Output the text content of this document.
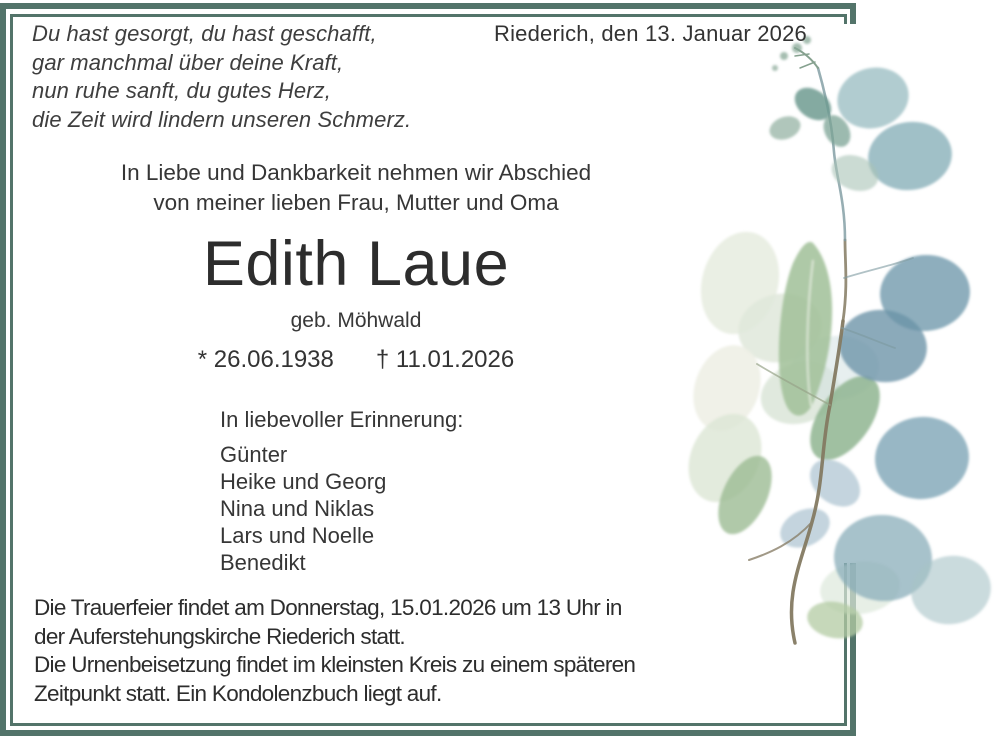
Du hast gesorgt, du hast geschafft,
gar manchmal über deine Kraft,
nun ruhe sanft, du gutes Herz,
die Zeit wird lindern unseren Schmerz.
Riederich, den 13. Januar 2026
In Liebe und Dankbarkeit nehmen wir Abschied
von meiner lieben Frau, Mutter und Oma
Edith Laue
geb. Möhwald
* 26.06.1938 † 11.01.2026
In liebevoller Erinnerung:
Günter
Heike und Georg
Nina und Niklas
Lars und Noelle
Benedikt
Die Trauerfeier findet am Donnerstag, 15.01.2026 um 13 Uhr in
der Auferstehungskirche Riederich statt.
Die Urnenbeisetzung findet im kleinsten Kreis zu einem späteren
Zeitpunkt statt. Ein Kondolenzbuch liegt auf.
